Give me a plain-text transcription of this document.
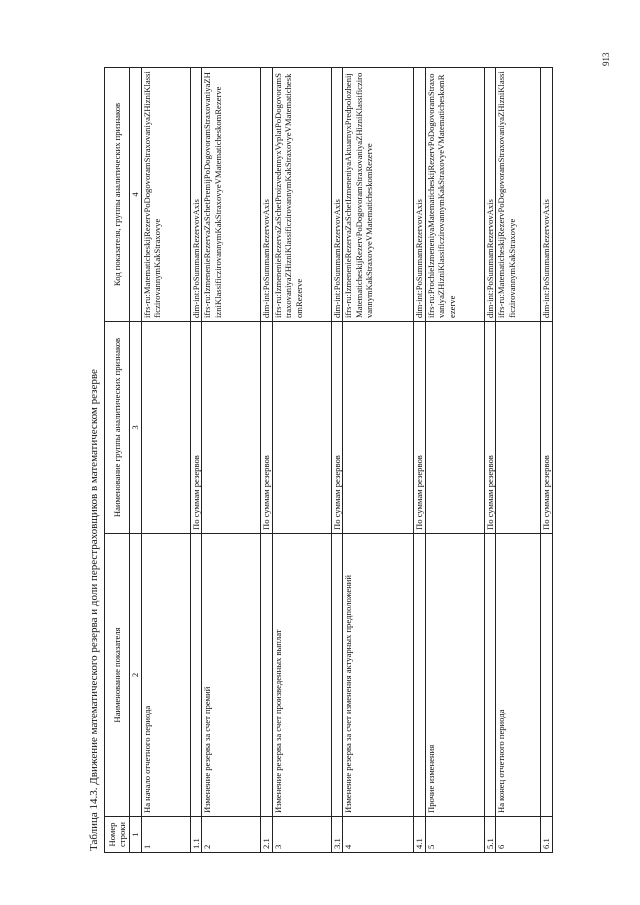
913
Таблица 14.3. Движение математического резерва и доли перестраховщиков в математическом резерве Номер строки	Наименование показателя	Наименование группы аналитических признаков	Код показателя, группы аналитических признаков
1	2	3	4
1	На начало отчетного периода		ifrs-ru:MatematicheskijRezervPoDogovoramStraxovaniyaZHizniKlassificzirovannymKakStraxovye
1.1		По суммам резервов	dim-int:PoSummamRezervovAxis
2	Изменение резерва за счет премий		ifrs-ru:IzmenenieRezervaZaSchetPremijPoDogovoramStraxovaniyaZHizniKlassificzirovannymKakStraxovyeVMatematicheskomRezerve
2.1		По суммам резервов	dim-int:PoSummamRezervovAxis
3	Изменение резерва за счет произведенных выплат		ifrs-ru:IzmenenieRezervaZaSchetProizvedennyxVyplatPoDogovoramStraxovaniyaZHizniKlassificzirovannymKakStraxovyeVMatematicheskomRezerve
3.1		По суммам резервов	dim-int:PoSummamRezervovAxis
4	Изменение резерва за счет изменения актуарных предположений		ifrs-ru:IzmenenieRezervaZaSchetIzmeneniyaAktuarnyxPredpolozhenijMatematicheskijRezervPoDogovoramStraxovaniyaZHizniKlassificzirovannymKakStraxovyeVMatematicheskomRezerve
4.1		По суммам резервов	dim-int:PoSummamRezervovAxis
5	Прочие изменения		ifrs-ru:ProchieIzmeneniyaMatematicheskijRezervPoDogovoramStraxovaniyaZHizniKlassificzirovannymKakStraxovyeVMatematicheskomRezerve
5.1		По суммам резервов	dim-int:PoSummamRezervovAxis
6	На конец отчетного периода		ifrs-ru:MatematicheskijRezervPoDogovoramStraxovaniyaZHizniKlassificzirovannymKakStraxovye
6.1		По суммам резервов	dim-int:PoSummamRezervovAxis
